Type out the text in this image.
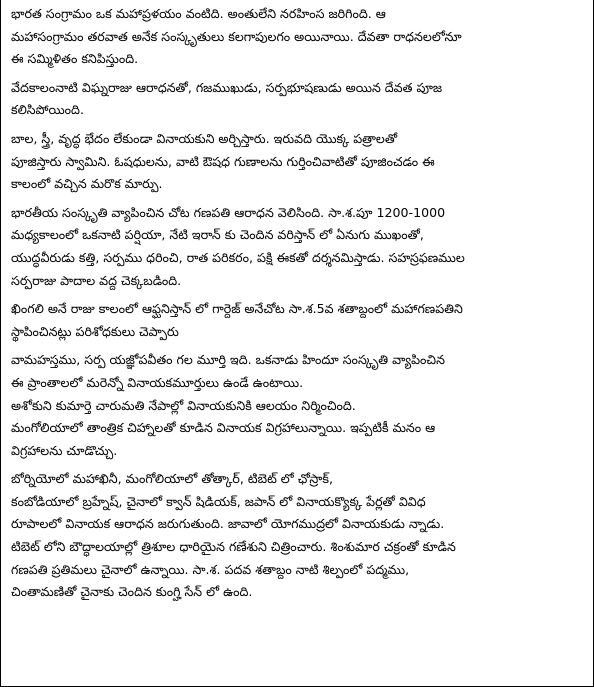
భారత సంగ్రామం ఒక మహాప్రళయం వంటిది. అంతులేని నరహింస జరిగింది. ఆ
మహాసంగ్రామం తరవాత అనేక సంస్కృతులు కలగాపులగం అయినాయి. దేవతా రాధనలలోనూ
ఈ సమ్మిళితం కనిపిస్తుంది.
వేదకాలంనాటి విఘ్నరాజు ఆరాధనతో, గజముఖుడు, సర్పభూషణుడు అయిన దేవత పూజ
కలిసిపోయింది.
బాల, స్త్రీ, వృద్ధ భేదం లేకుండా వినాయకుని అర్చిస్తారు. ఇరువది యొక్క పత్రాలతో
పూజిస్తారు స్వామిని. ఓషధులను, వాటి ఔషధ గుణాలను గుర్తించివాటితో పూజించడం ఈ
కాలంలో వచ్చిన మరొక మార్పు.
భారతీయ సంస్కృతి వ్యాపించిన చోట గణపతి ఆరాధన వెలిసింది. సా.శ.పూ 1200-1000
మధ్యకాలంలో ఒకనాటి పర్షియా, నేటి ఇరాన్ కు చెందిన వరిస్తాన్ లో ఏనుగు ముఖంతో,
యుద్ధవీరుడు కత్తి, సర్పము ధరించి, రాత పరికరం, పక్షి ఈకతో దర్శనమిస్తాడు. సహస్రఫణముల
సర్పరాజు పాదాల వద్ద చెక్కబడింది.
ఖింగలి అనే రాజు కాలంలో ఆఫ్ఘనిస్తాన్ లో గార్దెజ్ అనేచోట సా.శ.5వ శతాబ్దంలో మహాగణపతిని
స్థాపించినట్లు పరిశోధకులు చెప్పారు
వామహస్తము, సర్ప యజ్ఞోపవీతం గల మూర్తి ఇది. ఒకనాడు హిందూ సంస్కృతి వ్యాపించిన
ఈ ప్రాంతాలలో మరెన్నో వినాయకమూర్తులు ఉండే ఉంటాయి.
అశోకుని కుమార్తె చారుమతి నేపాల్లో వినాయకునికి ఆలయం నిర్మించింది.
మంగోలియాలో తాంత్రిక చిహ్నాలతో కూడిన వినాయక విగ్రహాలున్నాయి. ఇప్పటికీ మనం ఆ
విగ్రహాలను చూడొచ్చు.
బోర్నియోలో మహాఖినీ, మంగోలియాలో తోత్కార్, టిబెట్ లో ఛోస్రాక్,
కంబోడియాలో బ్రహ్నేష్, చైనాలో క్వాన్ షిడియక్, జపాన్ లో వినాయక్యొక్క పేర్లతో వివిధ
రూపాలలో వినాయక ఆరాధన జరుగుతుంది. జావాలో యోగముద్రలో వినాయకుడు న్నాడు.
టిబెట్ లోని బౌద్ధాలయాల్లో త్రిశూల ధారియైన గణేశుని చిత్రించారు. శింశుమార చక్రంతో కూడిన
గణపతి ప్రతిమలు చైనాలో ఉన్నాయి. సా.శ. పదవ శతాబ్దం నాటి శిల్పంలో పద్మము,
చింతామణితో చైనాకు చెందిన కుంగ్హి సేన్ లో ఉంది.
